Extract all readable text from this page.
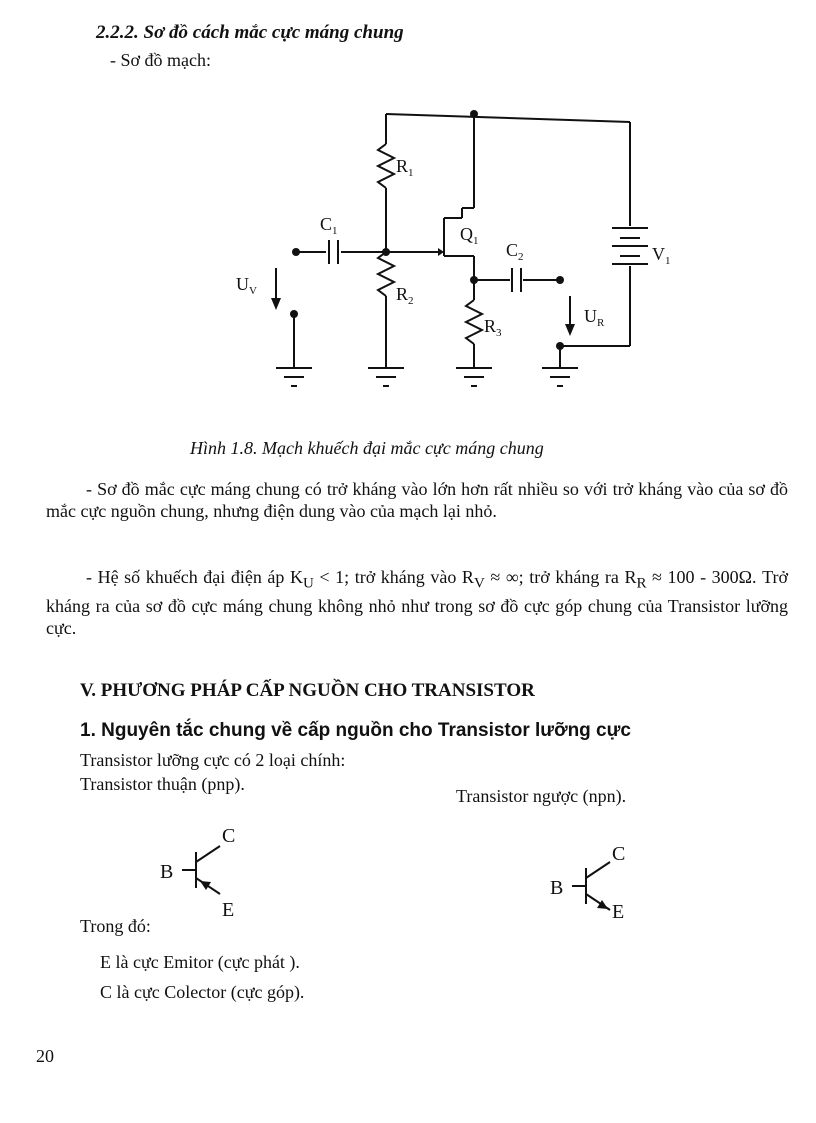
2.2.2. Sơ đồ cách mắc cực máng chung
- Sơ đồ mạch:
$R_1$
$R_2$
$R_3$
$C_1$
$C_2$
$Q_1$
$V_1$
$U_V$
$U_R$
Hình 1.8. Mạch khuếch đại mắc cực máng chung
- Sơ đồ mắc cực máng chung có trở kháng vào lớn hơn rất nhiều so với trở kháng vào của sơ đồ mắc cực nguồn chung, nhưng điện dung vào của mạch lại nhỏ.
- Hệ số khuếch đại điện áp $K_U < 1$; trở kháng vào $R_V$ ≈ ∞; trở kháng ra $R_R \approx 100 - 300\Omega$. Trở kháng ra của sơ đồ cực máng chung không nhỏ như trong sơ đồ cực góp chung của Transistor lưỡng cực.
V. PHƯƠNG PHÁP CẤP NGUỒN CHO TRANSISTOR
1. Nguyên tắc chung về cấp nguồn cho Transistor lưỡng cực
Transistor lưỡng cực có 2 loại chính:
Transistor thuận (pnp).
Transistor ngược (npn).
B
C
E
B
C
E
Trong đó:
E là cực Emitor (cực phát ).
C là cực Colector (cực góp).
20
